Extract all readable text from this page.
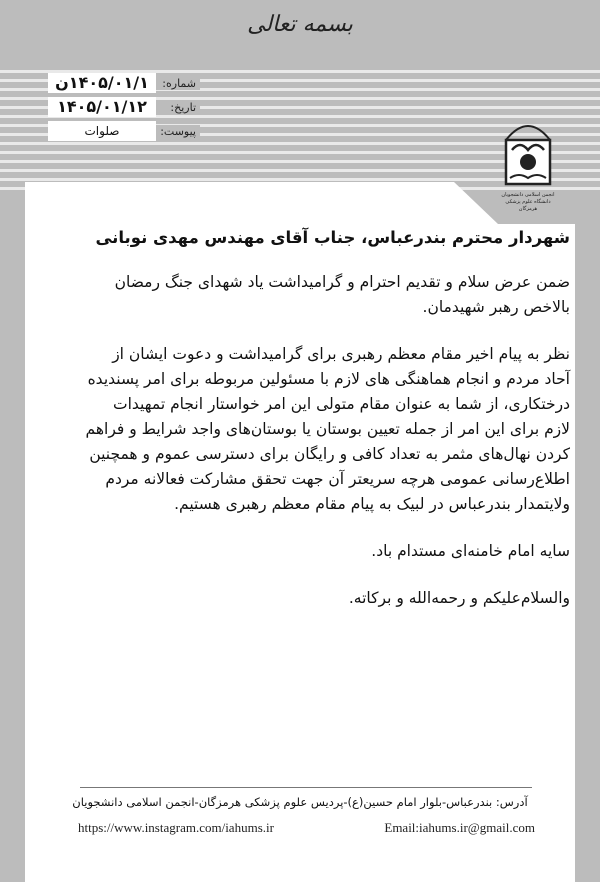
بسمه تعالی
شماره:
۱۴۰۵/۰۱/۱ن
تاریخ:
۱۴۰۵/۰۱/۱۲
پیوست:
صلوات
انجمن اسلامی دانشجویان
دانشگاه علوم پزشکی هرمزگان
شهردار محترم بندرعباس، جناب آقای مهندس مهدی نوبانی
ضمن عرض سلام و تقدیم احترام و گرامیداشت یاد شهدای جنگ رمضان
بالاخص رهبر شهیدمان.
نظر به پیام اخیر مقام معظم رهبری برای گرامیداشت و دعوت ایشان از
آحاد مردم و انجام هماهنگی های لازم با مسئولین مربوطه برای امر پسندیده
درختکاری، از شما به عنوان مقام متولی این امر خواستار انجام تمهیدات
لازم برای این امر از جمله تعیین بوستان یا بوستان‌های واجد شرایط و فراهم
کردن نهال‌های مثمر به تعداد کافی و رایگان برای دسترسی عموم و همچنین
اطلاع‌رسانی عمومی هرچه سریعتر آن جهت تحقق مشارکت فعالانه مردم
ولایتمدار بندرعباس در لبیک به پیام مقام معظم رهبری هستیم.
سایه امام خامنه‌ای مستدام باد.
والسلام‌علیکم و رحمه‌الله و برکاته.
آدرس: بندرعباس-بلوار امام حسین(ع)-پردیس علوم پزشکی هرمزگان-انجمن اسلامی دانشجویان
https://www.instagram.com/iahums.ir	Email:iahums.ir@gmail.com
